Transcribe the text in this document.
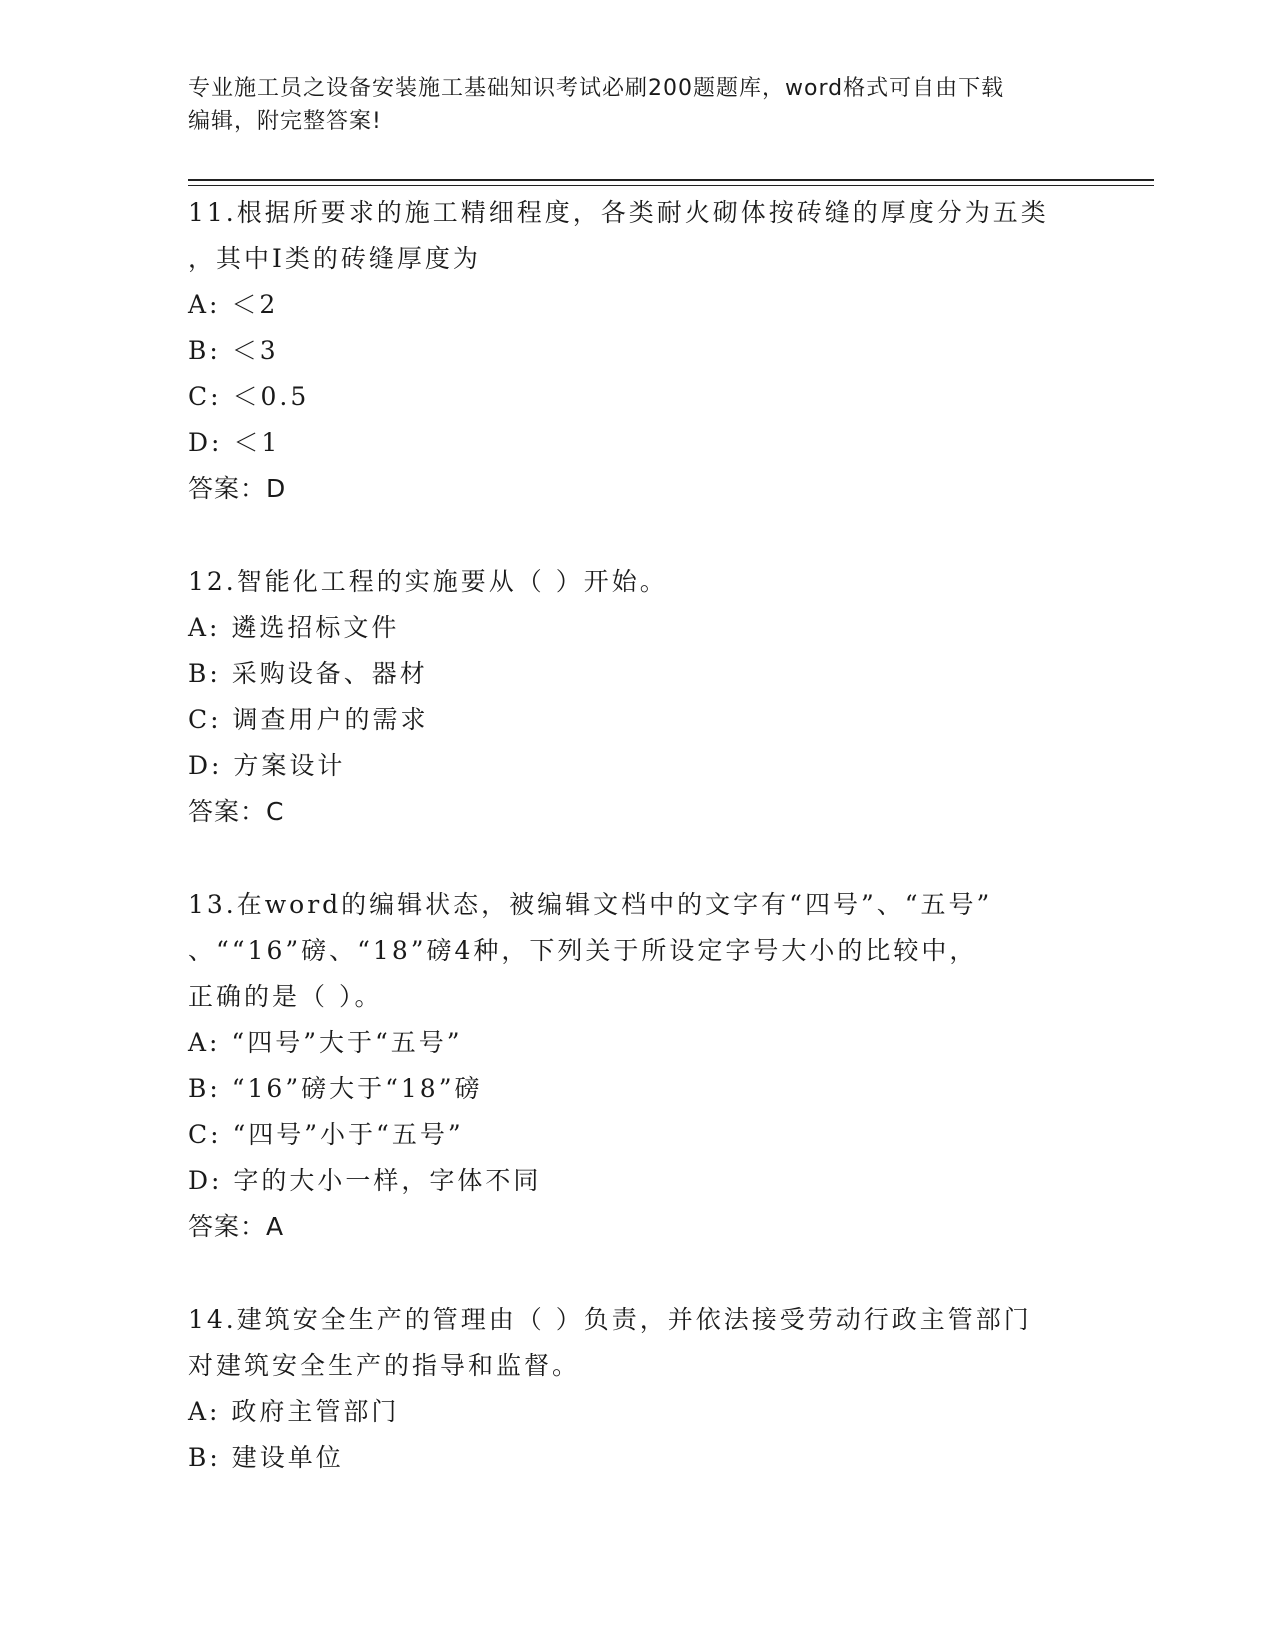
专业施工员之设备安装施工基础知识考试必刷200题题库，word格式可自由下载
编辑，附完整答案!
11.根据所要求的施工精细程度，各类耐火砌体按砖缝的厚度分为五类
，其中I类的砖缝厚度为
A: ＜2
B: ＜3
C: ＜0.5
D: ＜1
答案：D
12.智能化工程的实施要从（ ）开始。
A: 遴选招标文件
B: 采购设备、器材
C: 调查用户的需求
D: 方案设计
答案：C
13.在word的编辑状态，被编辑文档中的文字有“四号”、“五号”
、““16”磅、“18”磅4种，下列关于所设定字号大小的比较中，
正确的是（ ）。
A: “四号”大于“五号”
B: “16”磅大于“18”磅
C: “四号”小于“五号”
D: 字的大小一样，字体不同
答案：A
14.建筑安全生产的管理由（ ）负责，并依法接受劳动行政主管部门
对建筑安全生产的指导和监督。
A: 政府主管部门
B: 建设单位
